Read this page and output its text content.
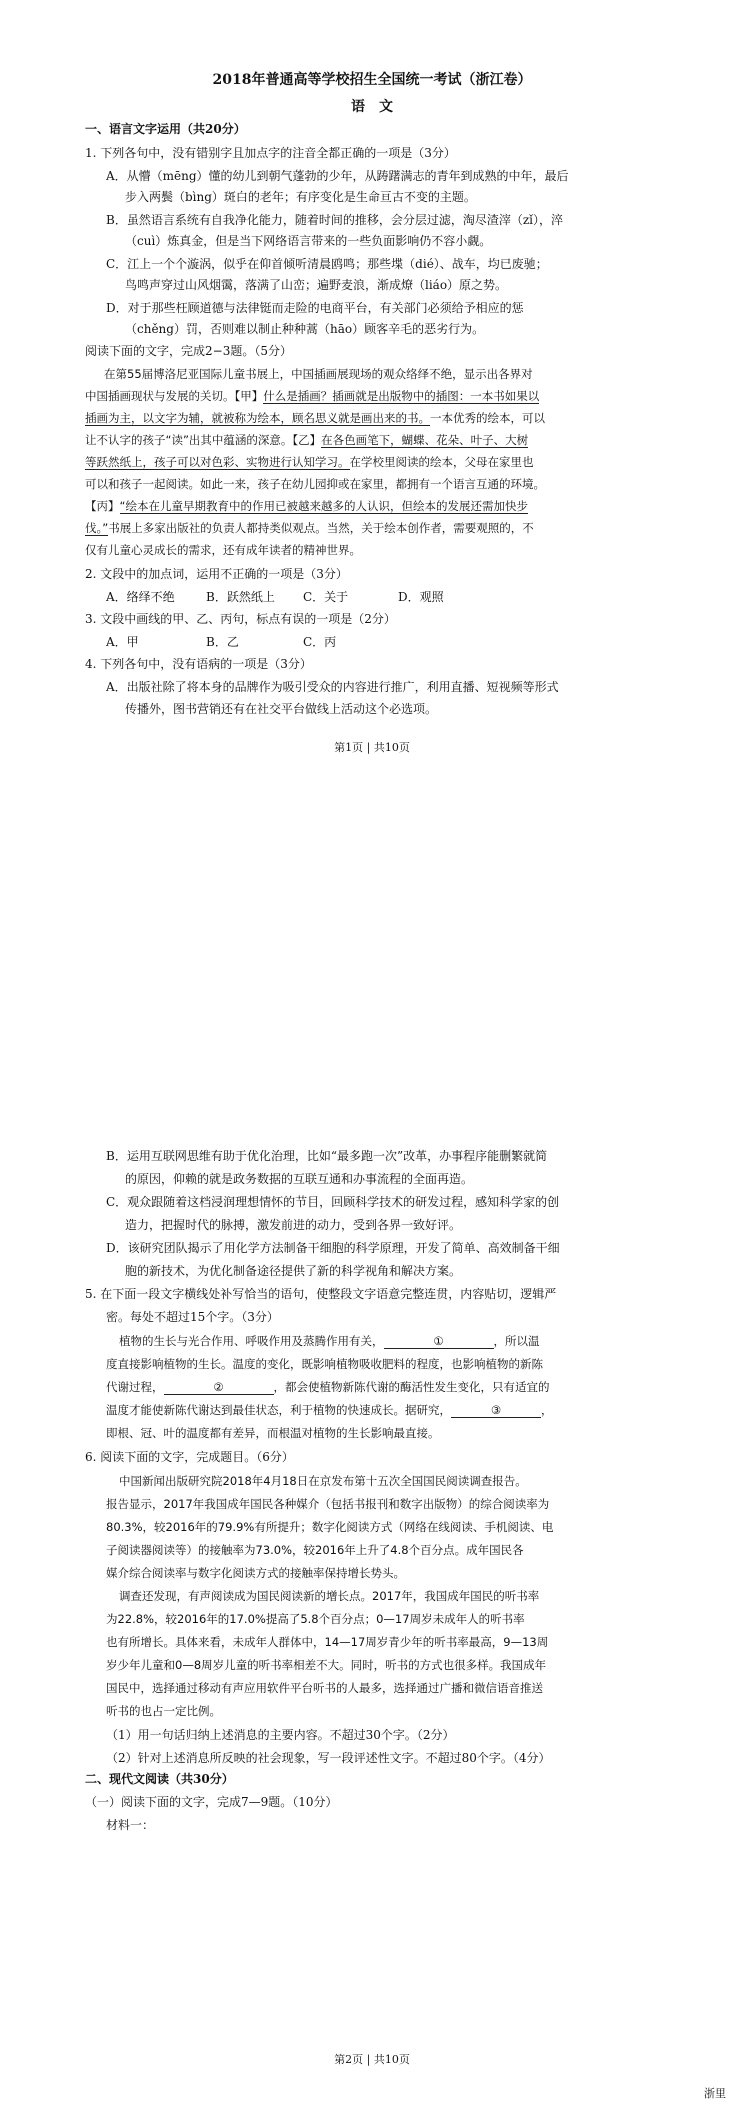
2018年普通高等学校招生全国统一考试（浙江卷）
语　文
一、语言文字运用（共20分）
1. 下列各句中，没有错别字且加点字的注音全都正确的一项是（3分）
A．从懵（mēng）懂的幼儿到朝气蓬勃的少年，从踌躇满志的青年到成熟的中年，最后
步入两鬓（bìng）斑白的老年；有序变化是生命亘古不变的主题。
B．虽然语言系统有自我净化能力，随着时间的推移，会分层过滤，淘尽渣滓（zǐ），淬
（cuì）炼真金，但是当下网络语言带来的一些负面影响仍不容小觑。
C．江上一个个漩涡，似乎在仰首倾听清晨鸥鸣；那些堞（dié）、战车，均已废驰；
鸟鸣声穿过山风烟霭，落满了山峦；遍野麦浪，渐成燎（liáo）原之势。
D．对于那些枉顾道德与法律铤而走险的电商平台，有关部门必须给予相应的惩
（chěng）罚，否则难以制止种种蒿（hāo）顾客辛毛的恶劣行为。
阅读下面的文字，完成2−3题。（5分）
在第55届博洛尼亚国际儿童书展上，中国插画展现场的观众络绎不绝，显示出各界对
中国插画现状与发展的关切。【甲】什么是插画？插画就是出版物中的插图：一本书如果以
插画为主，以文字为辅，就被称为绘本，顾名思义就是画出来的书。一本优秀的绘本，可以
让不认字的孩子“读”出其中蕴涵的深意。【乙】在各色画笔下，蝴蝶、花朵、叶子、大树
等跃然纸上，孩子可以对色彩、实物进行认知学习。在学校里阅读的绘本，父母在家里也
可以和孩子一起阅读。如此一来，孩子在幼儿园抑或在家里，都拥有一个语言互通的环境。
【丙】“绘本在儿童早期教育中的作用已被越来越多的人认识，但绘本的发展还需加快步
伐。”书展上多家出版社的负责人都持类似观点。当然，关于绘本创作者，需要观照的，不
仅有儿童心灵成长的需求，还有成年读者的精神世界。
2. 文段中的加点词，运用不正确的一项是（3分）
A．络绎不绝	B．跃然纸上 C．关于	D．观照
3. 文段中画线的甲、乙、丙句，标点有误的一项是（2分）
A．甲	B．乙	C．丙
4. 下列各句中，没有语病的一项是（3分）
A．出版社除了将本身的品牌作为吸引受众的内容进行推广，利用直播、短视频等形式
传播外，图书营销还有在社交平台做线上活动这个必选项。
第1页 | 共10页
B．运用互联网思维有助于优化治理，比如“最多跑一次”改革，办事程序能删繁就简
的原因，仰赖的就是政务数据的互联互通和办事流程的全面再造。
C．观众跟随着这档浸润理想情怀的节目，回顾科学技术的研发过程，感知科学家的创
造力，把握时代的脉搏，激发前进的动力，受到各界一致好评。
D．该研究团队揭示了用化学方法制备干细胞的科学原理，开发了简单、高效制备干细
胞的新技术，为优化制备途径提供了新的科学视角和解决方案。
5. 在下面一段文字横线处补写恰当的语句，使整段文字语意完整连贯，内容贴切，逻辑严
密。每处不超过15个字。（3分）
植物的生长与光合作用、呼吸作用及蒸腾作用有关，	①	，所以温
度直接影响植物的生长。温度的变化，既影响植物吸收肥料的程度，也影响植物的新陈
代谢过程，	②	，都会使植物新陈代谢的酶活性发生变化，只有适宜的
温度才能使新陈代谢达到最佳状态，利于植物的快速成长。据研究，	③	，
即根、冠、叶的温度都有差异，而根温对植物的生长影响最直接。
6. 阅读下面的文字，完成题目。（6分）
中国新闻出版研究院2018年4月18日在京发布第十五次全国国民阅读调查报告。
报告显示，2017年我国成年国民各种媒介（包括书报刊和数字出版物）的综合阅读率为
80.3%，较2016年的79.9%有所提升；数字化阅读方式（网络在线阅读、手机阅读、电
子阅读器阅读等）的接触率为73.0%，较2016年上升了4.8个百分点。成年国民各
媒介综合阅读率与数字化阅读方式的接触率保持增长势头。
调查还发现，有声阅读成为国民阅读新的增长点。2017年，我国成年国民的听书率
为22.8%，较2016年的17.0%提高了5.8个百分点；0—17周岁未成年人的听书率
也有所增长。具体来看，未成年人群体中，14—17周岁青少年的听书率最高，9—13周
岁少年儿童和0—8周岁儿童的听书率相差不大。同时，听书的方式也很多样。我国成年
国民中，选择通过移动有声应用软件平台听书的人最多，选择通过广播和微信语音推送
听书的也占一定比例。
（1）用一句话归纳上述消息的主要内容。不超过30个字。（2分）
（2）针对上述消息所反映的社会现象，写一段评述性文字。不超过80个字。（4分）
二、现代文阅读（共30分）
（一）阅读下面的文字，完成7—9题。（10分）
材料一：
第2页 | 共10页
浙里
